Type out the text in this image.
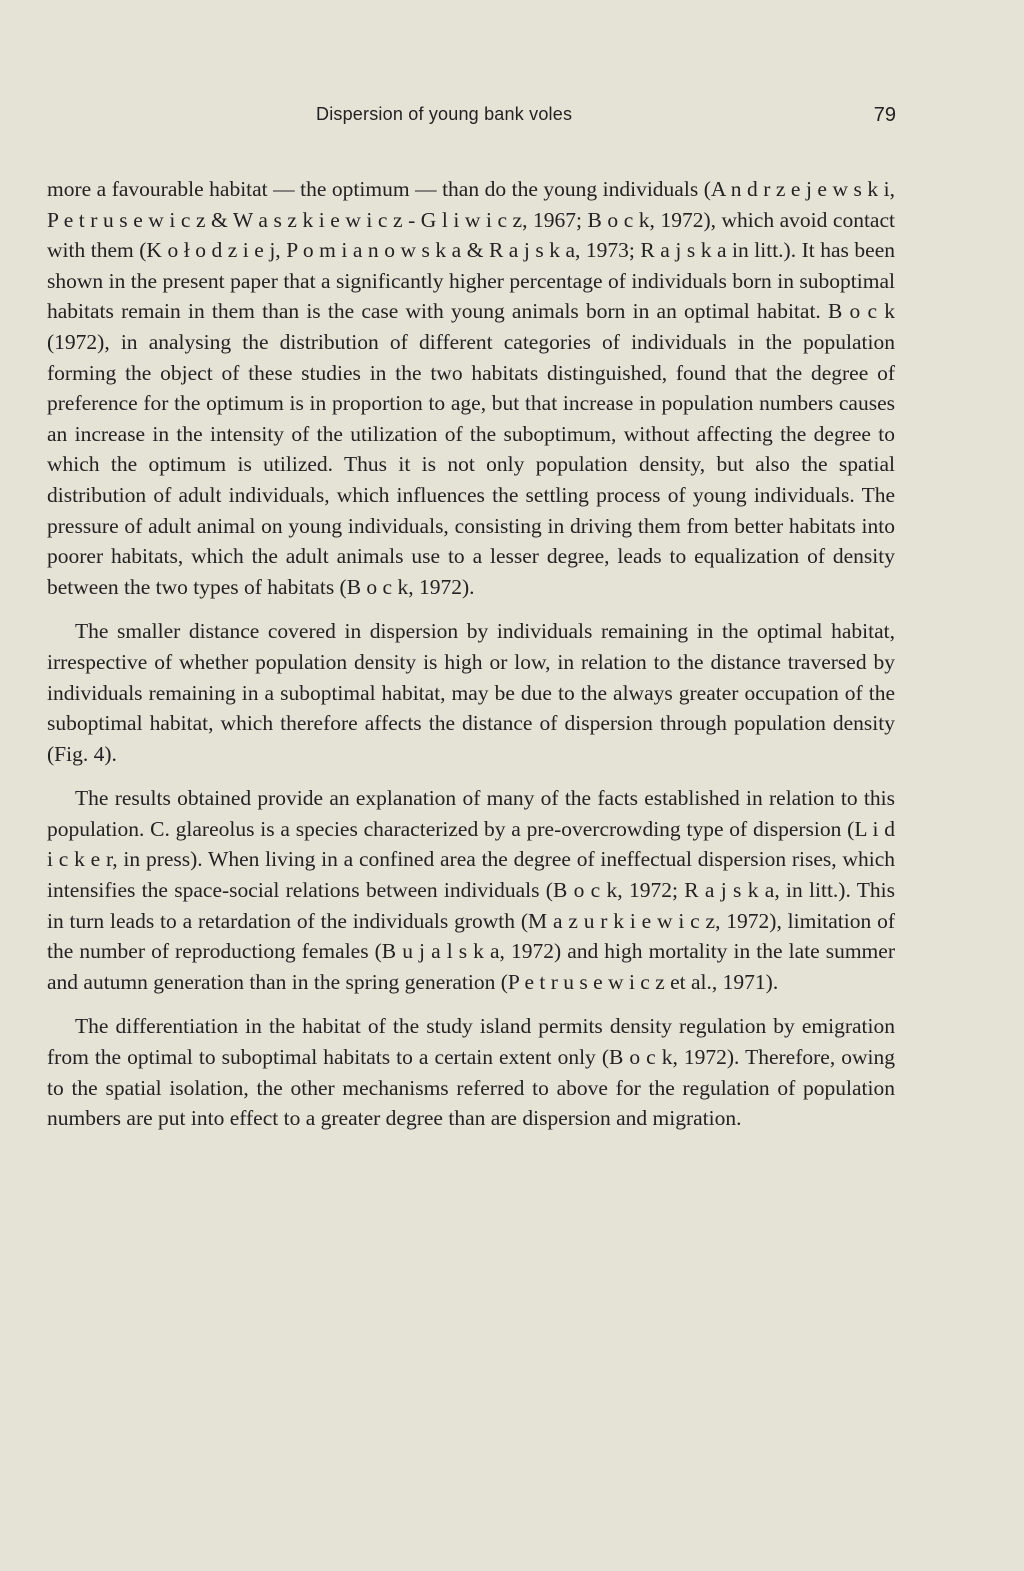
Dispersion of young bank voles	79

more a favourable habitat — the optimum — than do the young individuals (A n d r z e j e w s k i, P e t r u s e w i c z & W a s z k i e w i c z - G l i w i c z, 1967; B o c k, 1972), which avoid contact with them (K o ł o d z i e j, P o m i a n o w s k a & R a j s k a, 1973; R a j s k a in litt.). It has been shown in the present paper that a significantly higher percentage of individuals born in suboptimal habitats remain in them than is the case with young animals born in an optimal habitat. B o c k (1972), in analysing the distribution of different categories of individuals in the population forming the object of these studies in the two habitats distinguished, found that the degree of preference for the optimum is in proportion to age, but that increase in population numbers causes an increase in the intensity of the utilization of the suboptimum, without affecting the degree to which the optimum is utilized. Thus it is not only population density, but also the spatial distribution of adult individuals, which influences the settling process of young individuals. The pressure of adult animal on young individuals, consisting in driving them from better habitats into poorer habitats, which the adult animals use to a lesser degree, leads to equalization of density between the two types of habitats (B o c k, 1972).

The smaller distance covered in dispersion by individuals remaining in the optimal habitat, irrespective of whether population density is high or low, in relation to the distance traversed by individuals remaining in a suboptimal habitat, may be due to the always greater occupation of the suboptimal habitat, which therefore affects the distance of dispersion through population density (Fig. 4).

The results obtained provide an explanation of many of the facts established in relation to this population. C. glareolus is a species characterized by a pre-overcrowding type of dispersion (L i d i c k e r, in press). When living in a confined area the degree of ineffectual dispersion rises, which intensifies the space-social relations between individuals (B o c k, 1972; R a j s k a, in litt.). This in turn leads to a retardation of the individuals growth (M a z u r k i e w i c z, 1972), limitation of the number of reproductiong females (B u j a l s k a, 1972) and high mortality in the late summer and autumn generation than in the spring generation (P e t r u s e w i c z et al., 1971).

The differentiation in the habitat of the study island permits density regulation by emigration from the optimal to suboptimal habitats to a certain extent only (B o c k, 1972). Therefore, owing to the spatial isolation, the other mechanisms referred to above for the regulation of population numbers are put into effect to a greater degree than are dispersion and migration.
